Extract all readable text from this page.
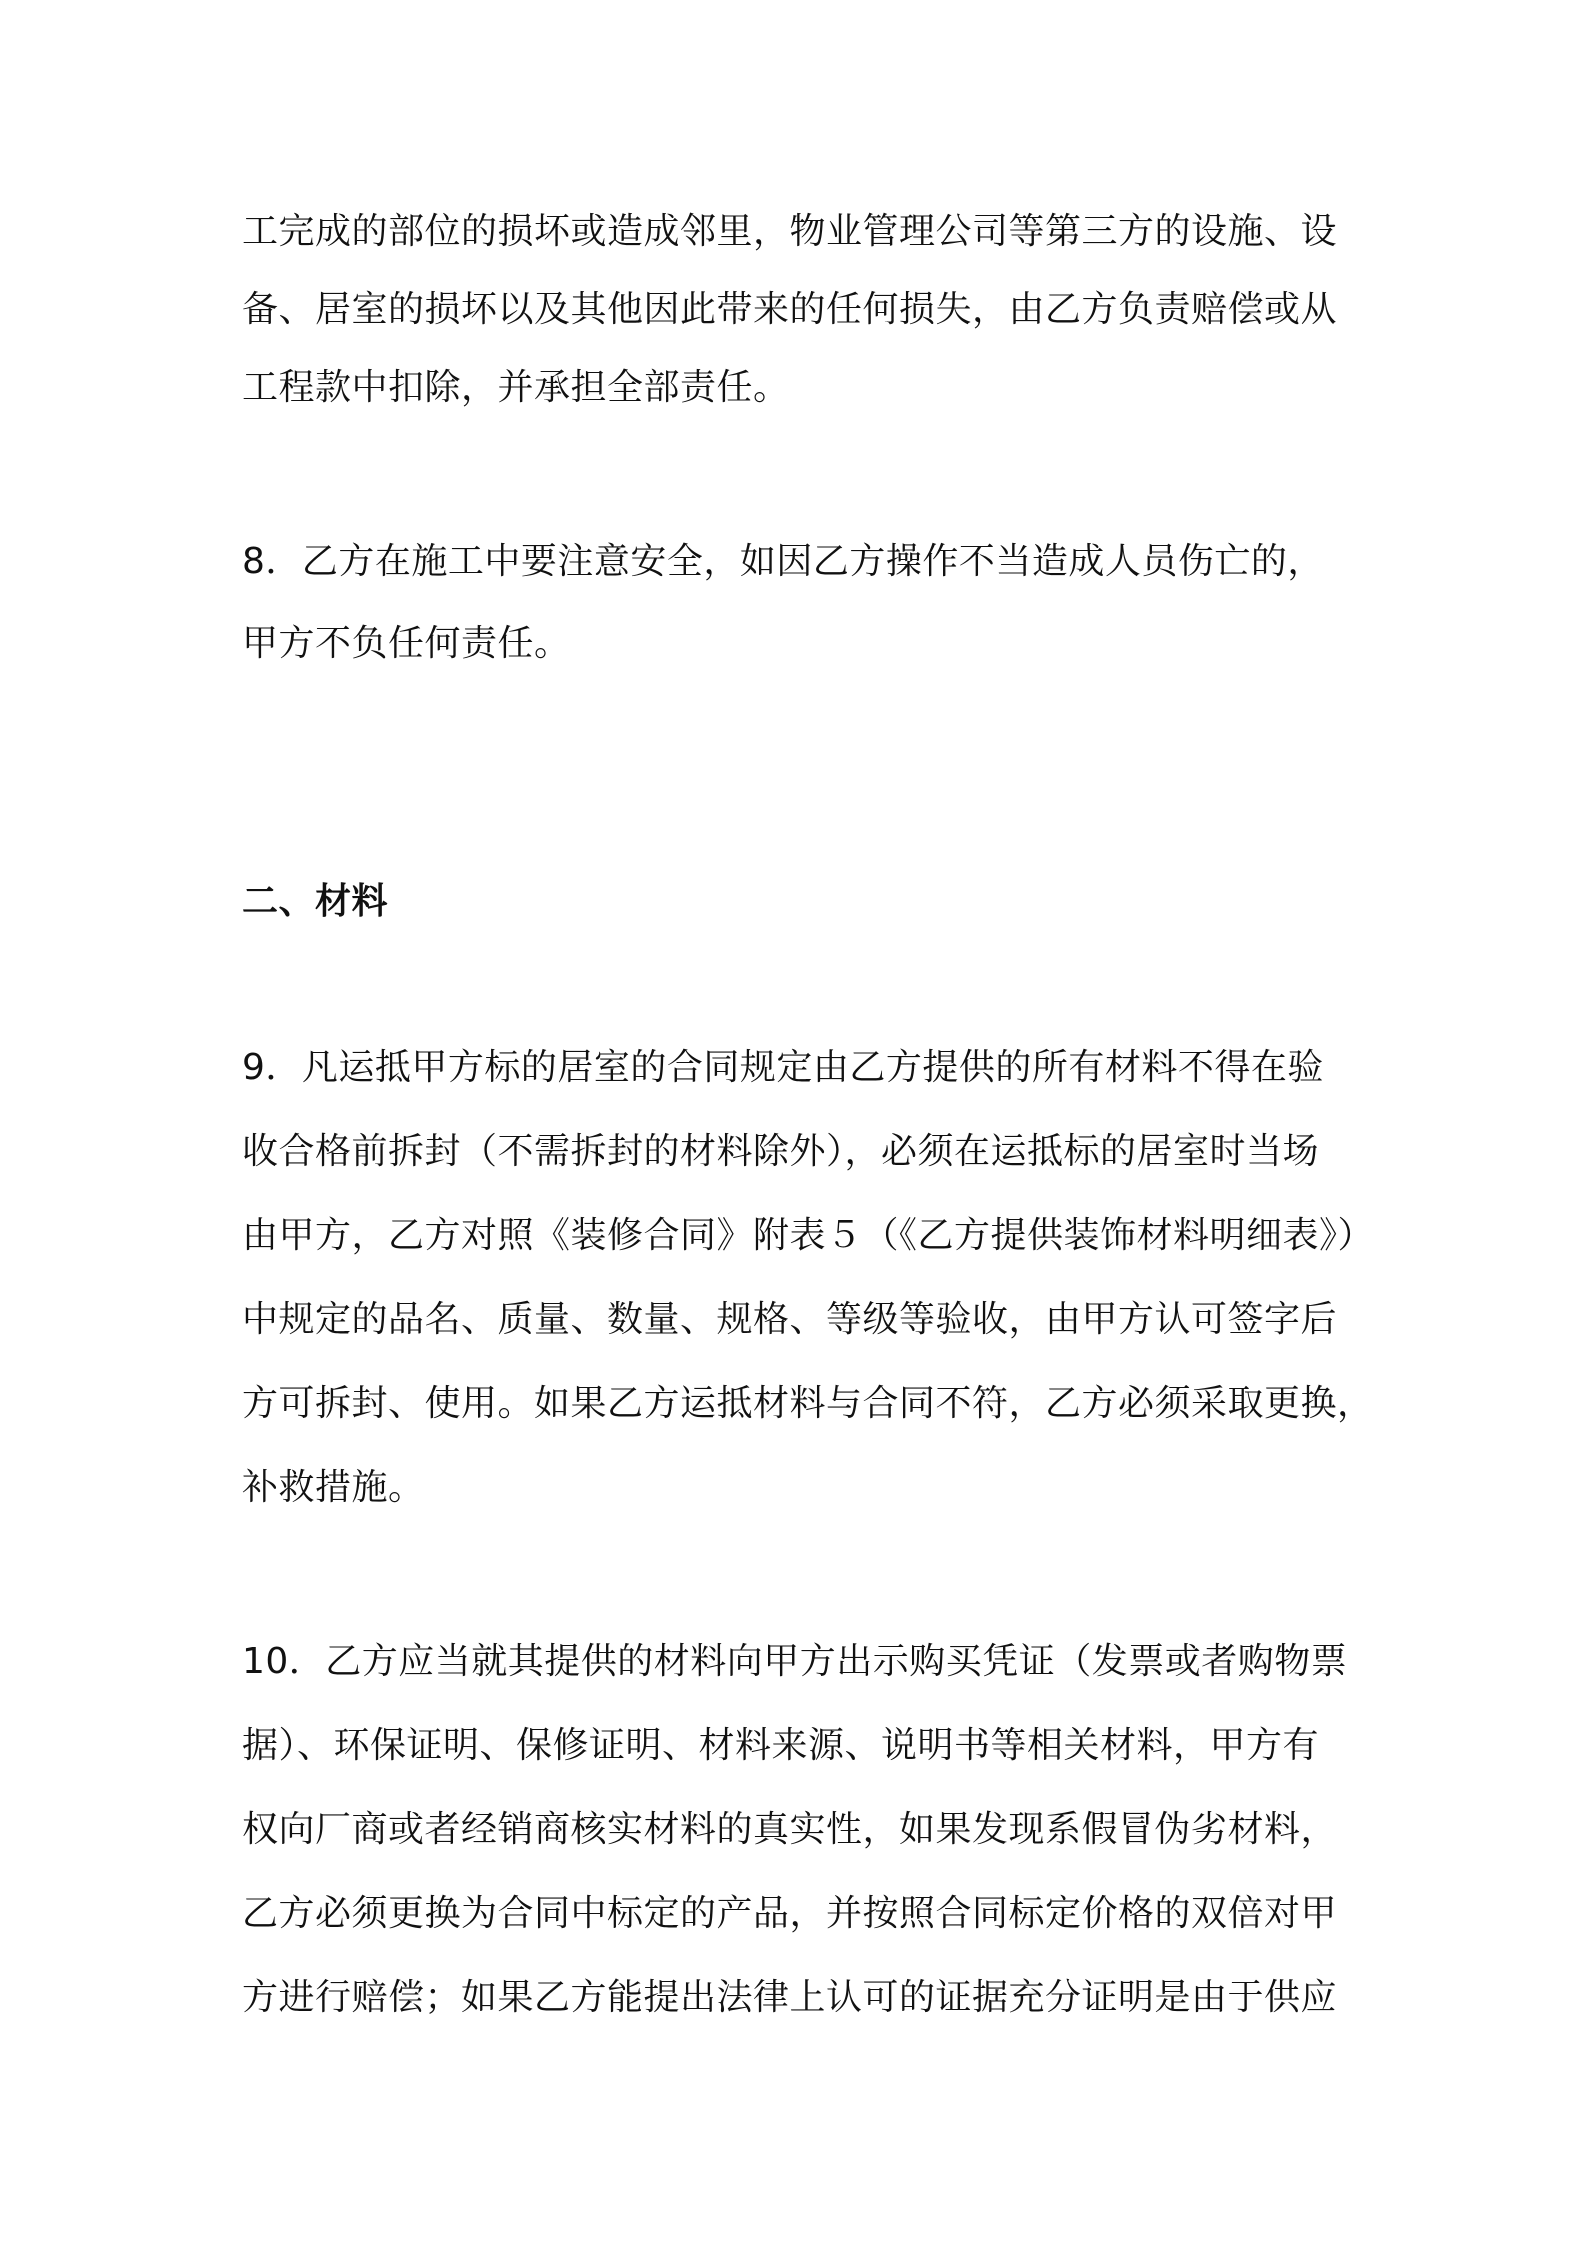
工完成的部位的损坏或造成邻里，物业管理公司等第三方的设施、设
备、居室的损坏以及其他因此带来的任何损失，由乙方负责赔偿或从
工程款中扣除，并承担全部责任。
8．乙方在施工中要注意安全，如因乙方操作不当造成人员伤亡的，
甲方不负任何责任。
二、材料
9．凡运抵甲方标的居室的合同规定由乙方提供的所有材料不得在验
收合格前拆封（不需拆封的材料除外），必须在运抵标的居室时当场
由甲方，乙方对照《装修合同》附表５（《乙方提供装饰材料明细表》）
中规定的品名、质量、数量、规格、等级等验收，由甲方认可签字后
方可拆封、使用。如果乙方运抵材料与合同不符，乙方必须采取更换，
补救措施。
10．乙方应当就其提供的材料向甲方出示购买凭证（发票或者购物票
据）、环保证明、保修证明、材料来源、说明书等相关材料，甲方有
权向厂商或者经销商核实材料的真实性，如果发现系假冒伪劣材料，
乙方必须更换为合同中标定的产品，并按照合同标定价格的双倍对甲
方进行赔偿；如果乙方能提出法律上认可的证据充分证明是由于供应
